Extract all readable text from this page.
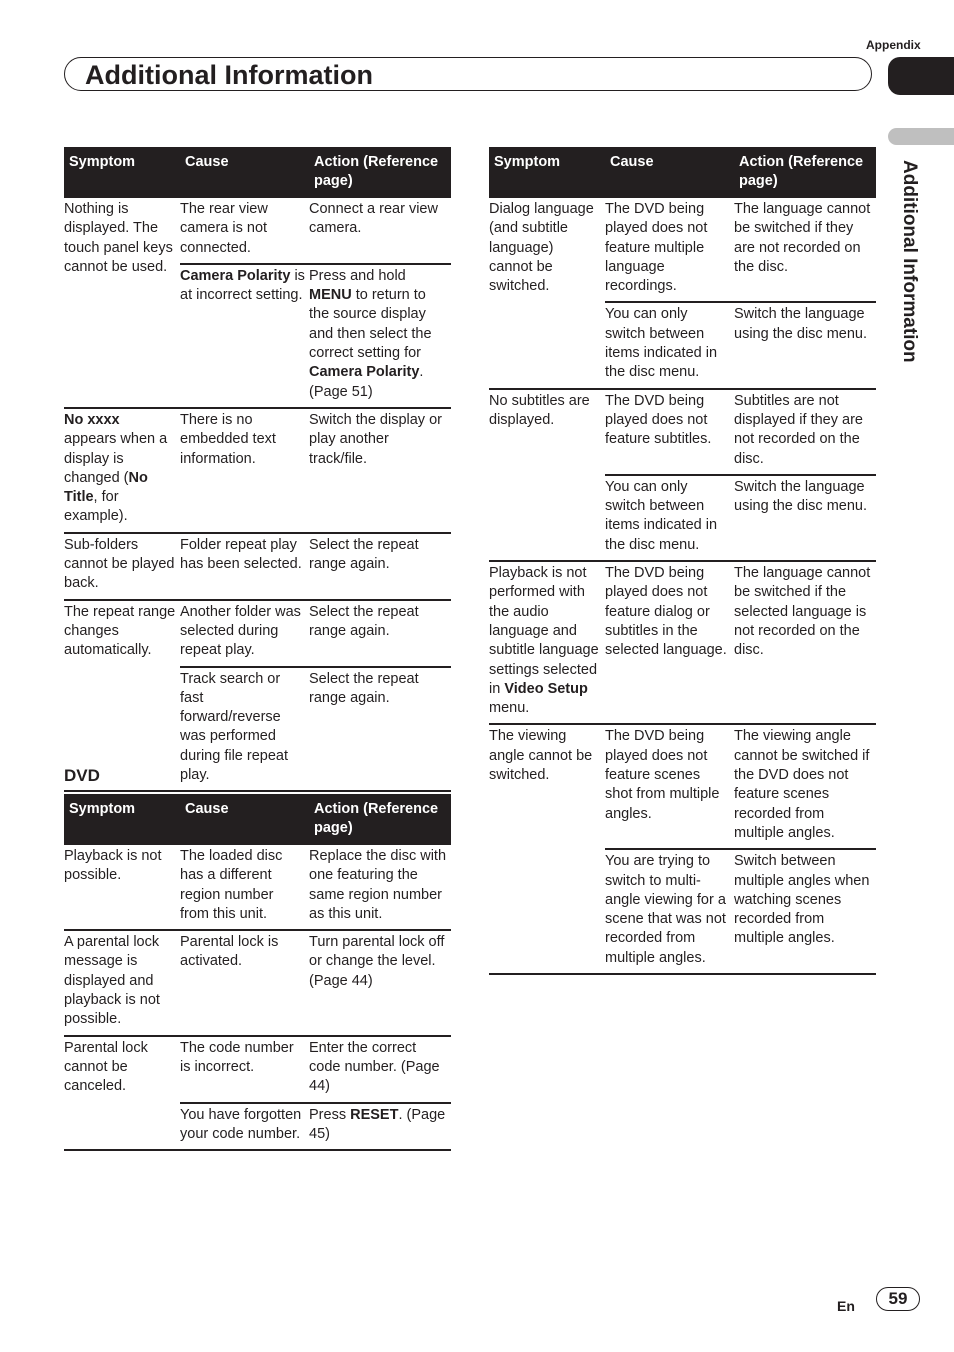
Appendix
Additional Information
Additional Information
Symptom	Cause	Action (Reference page)
Nothing is displayed. The touch panel keys cannot be used.	The rear view camera is not connected.	Connect a rear view camera.
	Camera Polarity is at incorrect setting.	Press and hold MENU to return to the source display and then select the correct setting for Camera Polarity. (Page 51)
No xxxx appears when a display is changed (No Title, for example).	There is no embedded text information.	Switch the display or play another track/file.
Sub-folders cannot be played back.	Folder repeat play has been selected.	Select the repeat range again.
The repeat range changes automatically.	Another folder was selected during repeat play.	Select the repeat range again.
	Track search or fast forward/reverse was performed during file repeat play.	Select the repeat range again.
DVD
Symptom	Cause	Action (Reference page)
Playback is not possible.	The loaded disc has a different region number from this unit.	Replace the disc with one featuring the same region number as this unit.
A parental lock message is displayed and playback is not possible.	Parental lock is activated.	Turn parental lock off or change the level. (Page 44)
Parental lock cannot be canceled.	The code number is incorrect.	Enter the correct code number. (Page 44)
	You have forgotten your code number.	Press RESET. (Page 45)
Symptom	Cause	Action (Reference page)
Dialog language (and subtitle language) cannot be switched.	The DVD being played does not feature multiple language recordings.	The language cannot be switched if they are not recorded on the disc.
	You can only switch between items indicated in the disc menu.	Switch the language using the disc menu.
No subtitles are displayed.	The DVD being played does not feature subtitles.	Subtitles are not displayed if they are not recorded on the disc.
	You can only switch between items indicated in the disc menu.	Switch the language using the disc menu.
Playback is not performed with the audio language and subtitle language settings selected in Video Setup menu.	The DVD being played does not feature dialog or subtitles in the selected language.	The language cannot be switched if the selected language is not recorded on the disc.
The viewing angle cannot be switched.	The DVD being played does not feature scenes shot from multiple angles.	The viewing angle cannot be switched if the DVD does not feature scenes recorded from multiple angles.
	You are trying to switch to multi-angle viewing for a scene that was not recorded from multiple angles.	Switch between multiple angles when watching scenes recorded from multiple angles.
En	59
